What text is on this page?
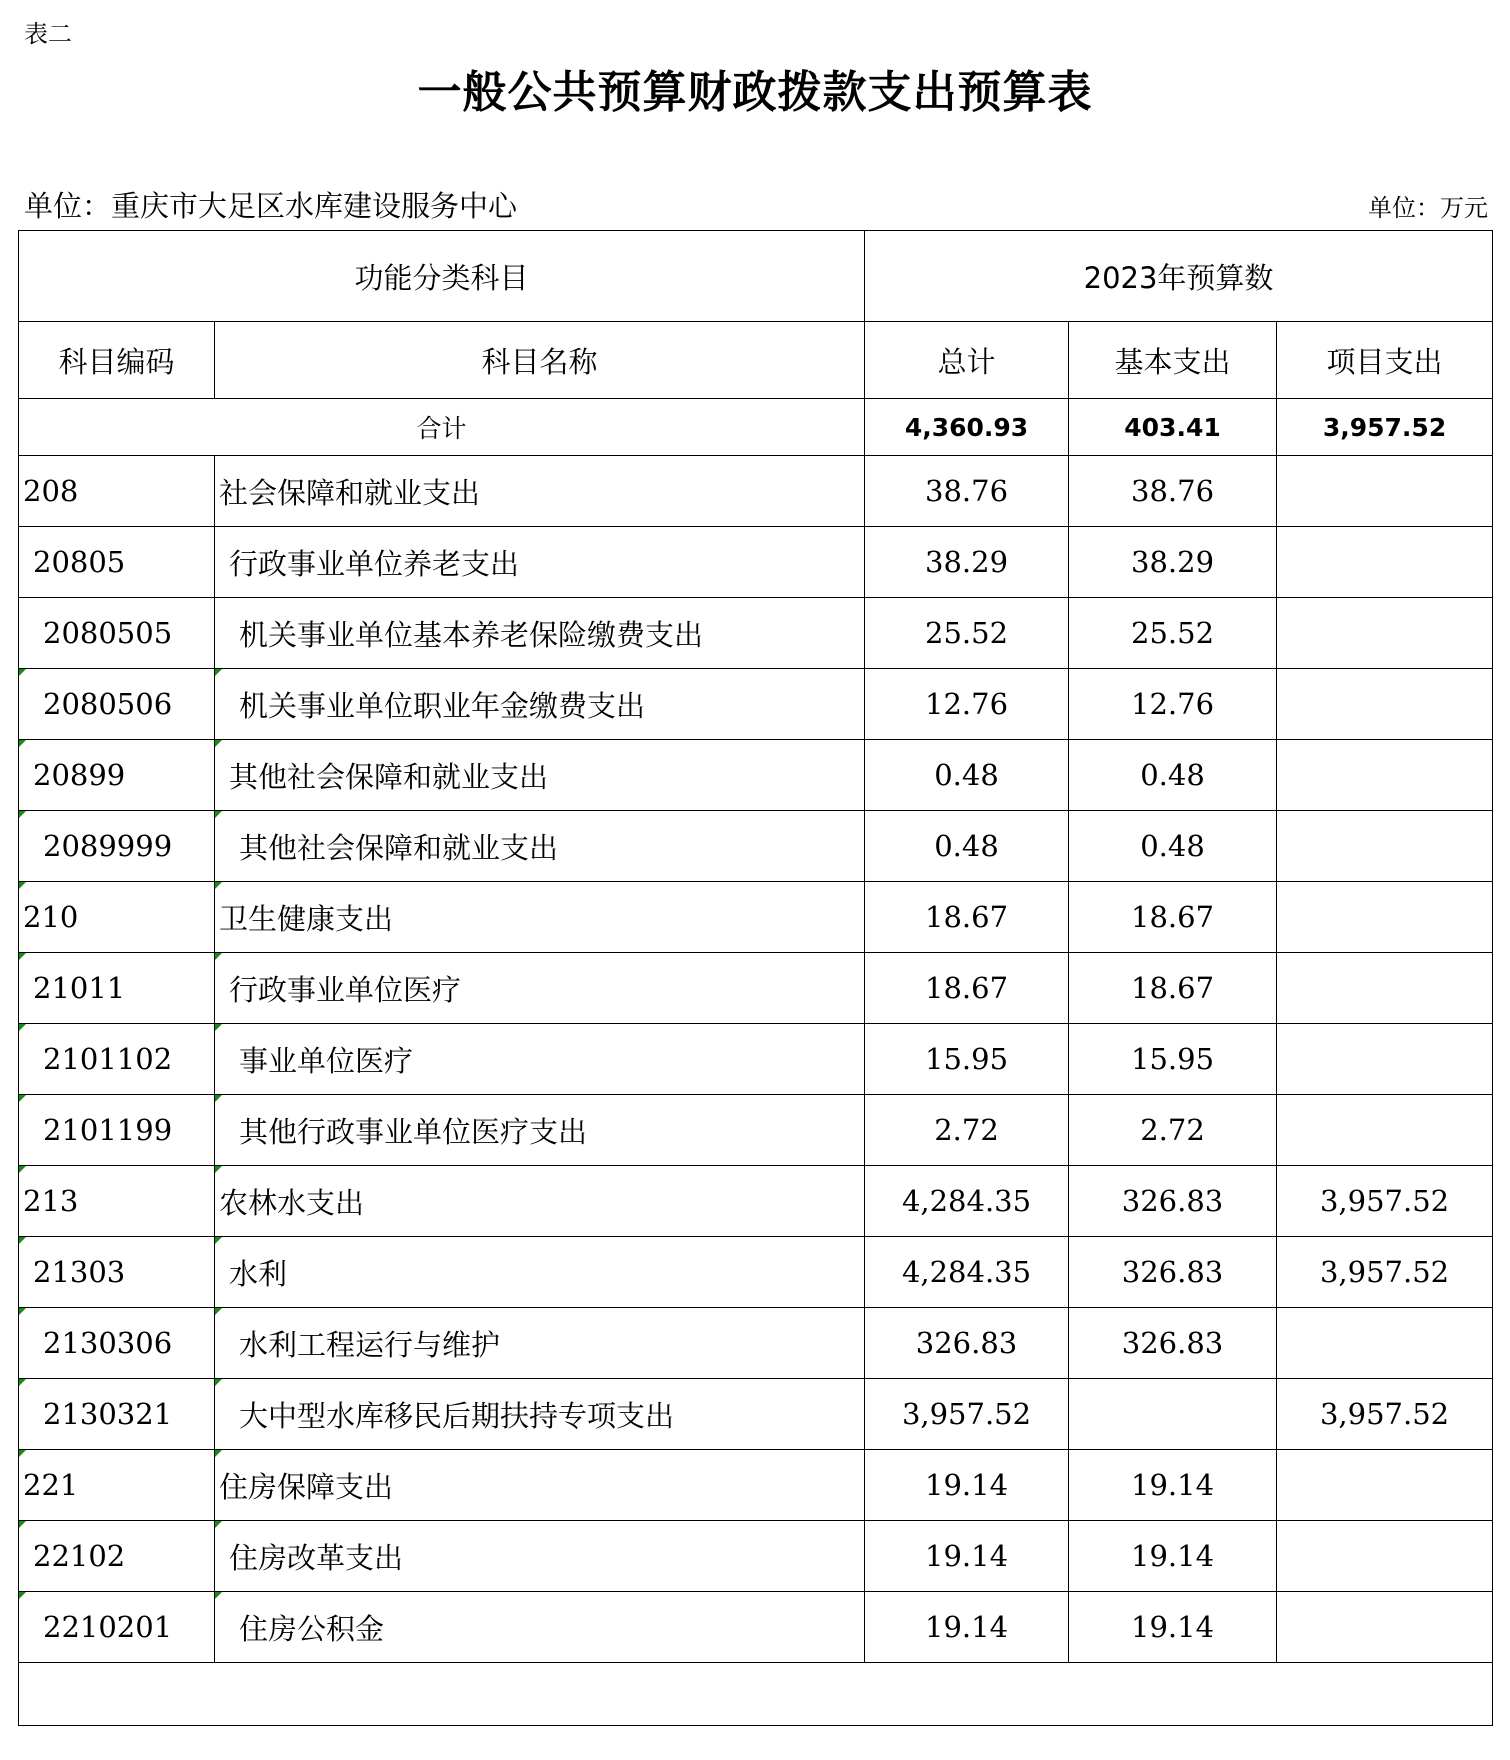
表二
一般公共预算财政拨款支出预算表
单位：重庆市大足区水库建设服务中心	单位：万元
功能分类科目		2023年预算数		
科目编码	科目名称	总计	基本支出	项目支出
合计		4,360.93	403.41	3,957.52
208	社会保障和就业支出	38.76	38.76	
20805	行政事业单位养老支出	38.29	38.29	
2080505	机关事业单位基本养老保险缴费支出	25.52	25.52	
2080506	机关事业单位职业年金缴费支出	12.76	12.76	
20899	其他社会保障和就业支出	0.48	0.48	
2089999	其他社会保障和就业支出	0.48	0.48	
210	卫生健康支出	18.67	18.67	
21011	行政事业单位医疗	18.67	18.67	
2101102	事业单位医疗	15.95	15.95	
2101199	其他行政事业单位医疗支出	2.72	2.72	
213	农林水支出	4,284.35	326.83	3,957.52
21303	水利	4,284.35	326.83	3,957.52
2130306	水利工程运行与维护	326.83	326.83	
2130321	大中型水库移民后期扶持专项支出	3,957.52		3,957.52
221	住房保障支出	19.14	19.14	
22102	住房改革支出	19.14	19.14	
2210201	住房公积金	19.14	19.14	
